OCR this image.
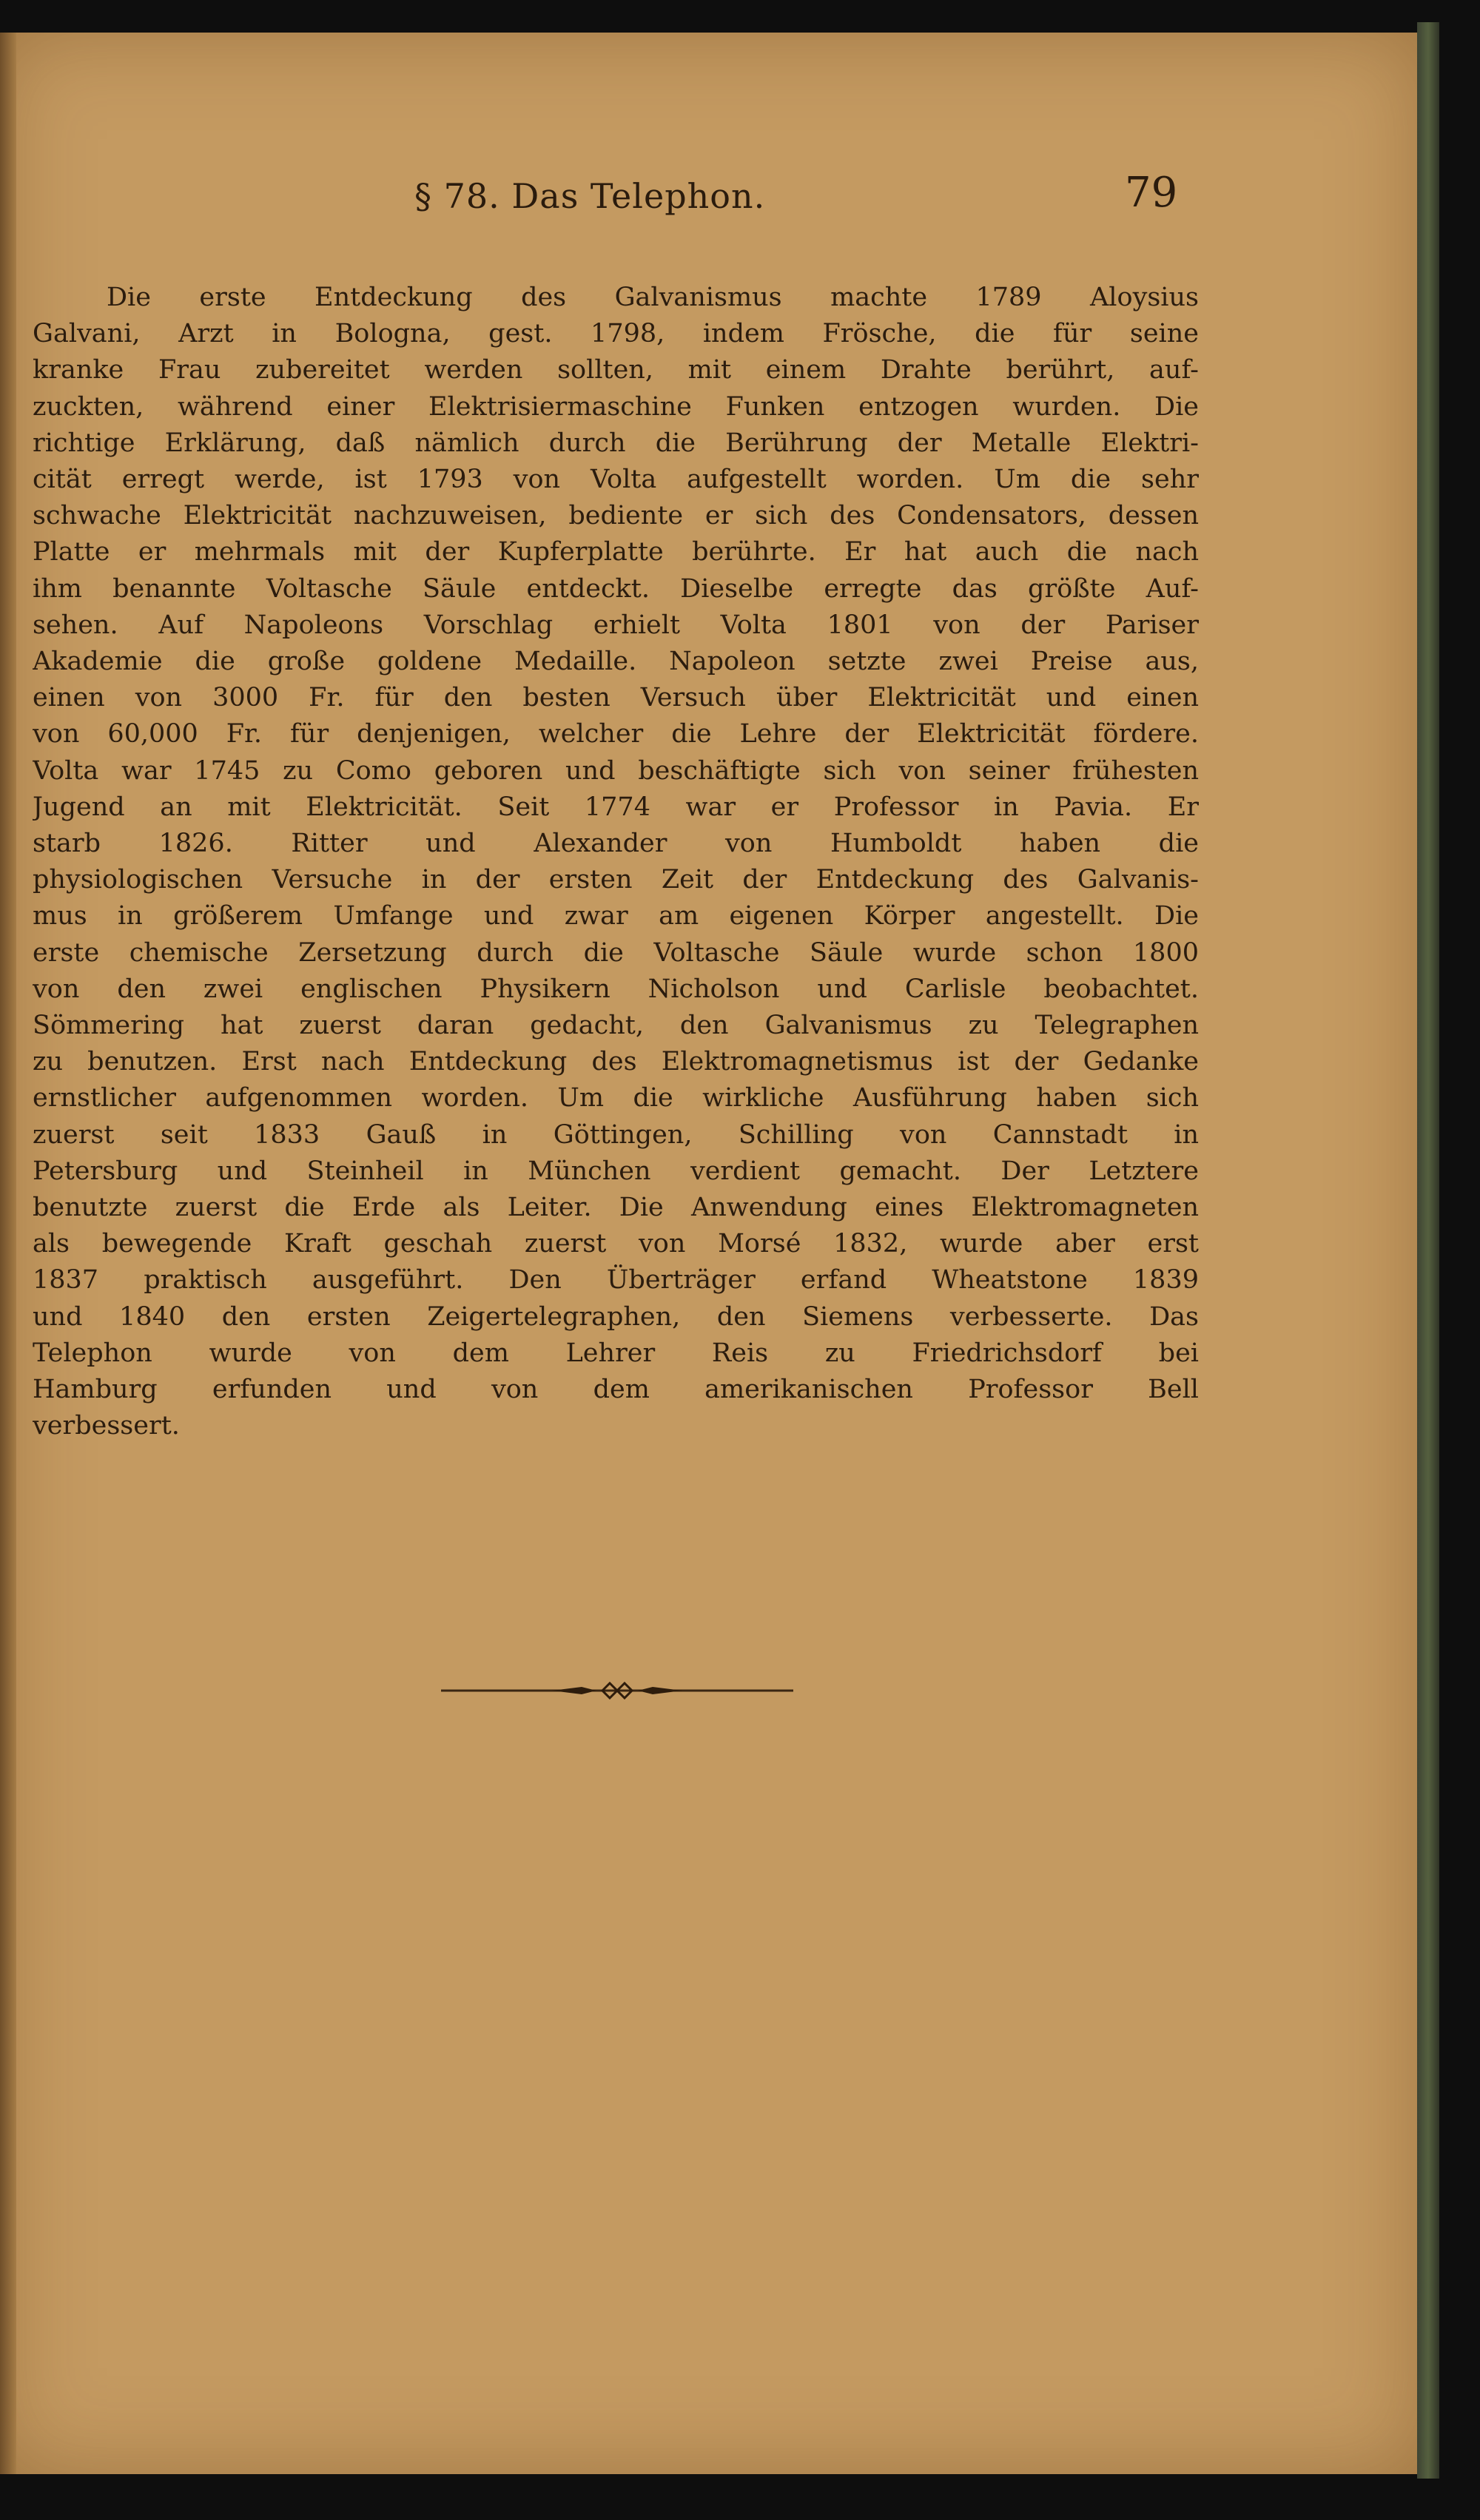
§ 78. Das Telephon.	79
Die erste Entdeckung des Galvanismus machte 1789 Aloysius
Galvani, Arzt in Bologna, gest. 1798, indem Frösche, die für seine
kranke Frau zubereitet werden sollten, mit einem Drahte berührt, auf-
zuckten, während einer Elektrisiermaschine Funken entzogen wurden. Die
richtige Erklärung, daß nämlich durch die Berührung der Metalle Elektri-
cität erregt werde, ist 1793 von Volta aufgestellt worden. Um die sehr
schwache Elektricität nachzuweisen, bediente er sich des Condensators, dessen
Platte er mehrmals mit der Kupferplatte berührte. Er hat auch die nach
ihm benannte Voltasche Säule entdeckt. Dieselbe erregte das größte Auf-
sehen. Auf Napoleons Vorschlag erhielt Volta 1801 von der Pariser
Akademie die große goldene Medaille. Napoleon setzte zwei Preise aus,
einen von 3000 Fr. für den besten Versuch über Elektricität und einen
von 60,000 Fr. für denjenigen, welcher die Lehre der Elektricität fördere.
Volta war 1745 zu Como geboren und beschäftigte sich von seiner frühesten
Jugend an mit Elektricität. Seit 1774 war er Professor in Pavia. Er
starb 1826. Ritter und Alexander von Humboldt haben die
physiologischen Versuche in der ersten Zeit der Entdeckung des Galvanis-
mus in größerem Umfange und zwar am eigenen Körper angestellt. Die
erste chemische Zersetzung durch die Voltasche Säule wurde schon 1800
von den zwei englischen Physikern Nicholson und Carlisle beobachtet.
Sömmering hat zuerst daran gedacht, den Galvanismus zu Telegraphen
zu benutzen. Erst nach Entdeckung des Elektromagnetismus ist der Gedanke
ernstlicher aufgenommen worden. Um die wirkliche Ausführung haben sich
zuerst seit 1833 Gauß in Göttingen, Schilling von Cannstadt in
Petersburg und Steinheil in München verdient gemacht. Der Letztere
benutzte zuerst die Erde als Leiter. Die Anwendung eines Elektromagneten
als bewegende Kraft geschah zuerst von Morsé 1832, wurde aber erst
1837 praktisch ausgeführt. Den Überträger erfand Wheatstone 1839
und 1840 den ersten Zeigertelegraphen, den Siemens verbesserte. Das
Telephon wurde von dem Lehrer Reis zu Friedrichsdorf bei
Hamburg erfunden und von dem amerikanischen Professor Bell
verbessert.
